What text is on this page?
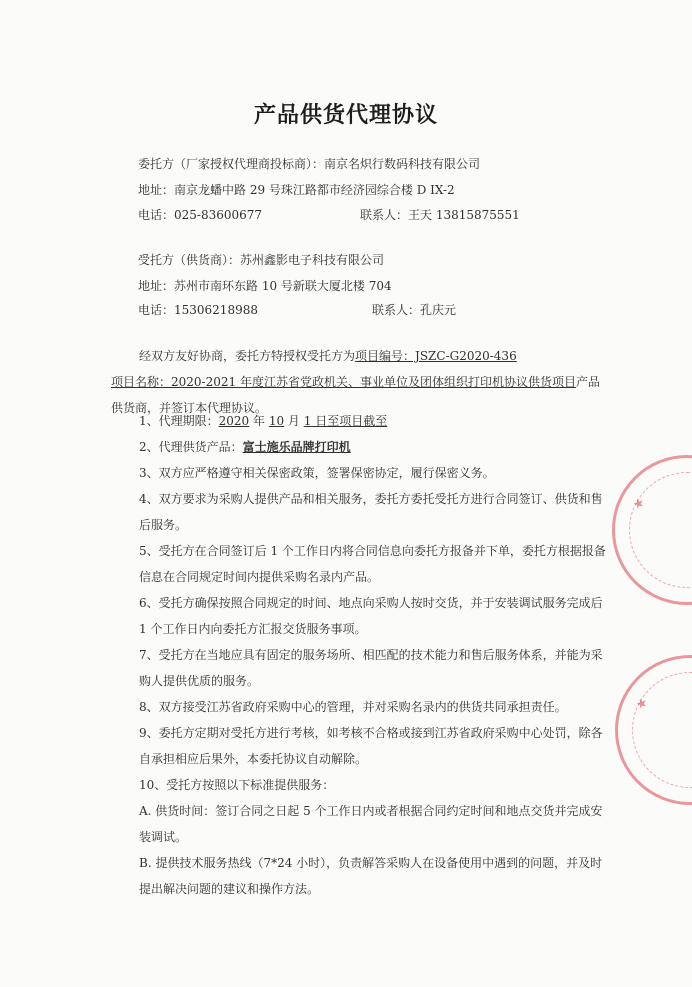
产品供货代理协议
委托方（厂家授权代理商投标商）：南京名炽行数码科技有限公司
地址：南京龙蟠中路 29 号珠江路都市经济园综合楼 D IX-2
电话：025-83600677	联系人：王天 13815875551
受托方（供货商）：苏州鑫影电子科技有限公司
地址：苏州市南环东路 10 号新联大厦北楼 704
电话：15306218988	联系人：孔庆元
经双方友好协商，委托方特授权受托方为项目编号：JSZC-G2020-436
项目名称：2020-2021 年度江苏省党政机关、事业单位及团体组织打印机协议供货项目产品供货商，并签订本代理协议。
1、代理期限：2020 年 10 月 1 日至项目截至
2、代理供货产品：富士施乐品牌打印机
3、双方应严格遵守相关保密政策，签署保密协定，履行保密义务。
4、双方要求为采购人提供产品和相关服务，委托方委托受托方进行合同签订、供货和售后服务。
5、受托方在合同签订后 1 个工作日内将合同信息向委托方报备并下单，委托方根据报备信息在合同规定时间内提供采购名录内产品。
6、受托方确保按照合同规定的时间、地点向采购人按时交货，并于安装调试服务完成后 1 个工作日内向委托方汇报交货服务事项。
7、受托方在当地应具有固定的服务场所、相匹配的技术能力和售后服务体系，并能为采购人提供优质的服务。
8、双方接受江苏省政府采购中心的管理，并对采购名录内的供货共同承担责任。
9、委托方定期对受托方进行考核，如考核不合格或接到江苏省政府采购中心处罚，除各自承担相应后果外，本委托协议自动解除。
10、受托方按照以下标准提供服务：
A. 供货时间：签订合同之日起 5 个工作日内或者根据合同约定时间和地点交货并完成安装调试。
B. 提供技术服务热线（7*24 小时），负责解答采购人在设备使用中遇到的问题，并及时提出解决问题的建议和操作方法。
★
★
